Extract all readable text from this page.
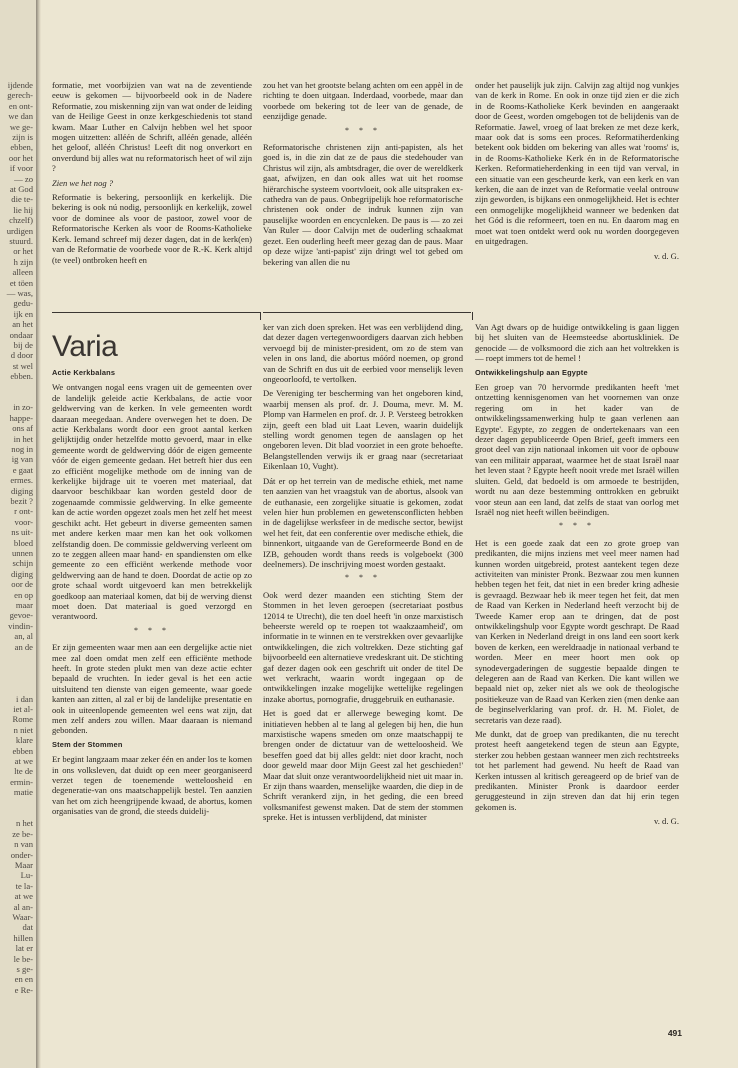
ijdende
gerech-
en ont-
we dan
we ge-
zijn is
ebben,
oor het
if voor
— zo
at God
die te-
lie hij
chzelf)
urdigen
stuurd.
or het
h zijn
alleen
et töen
— was,
gedu-
ijk en
an het
ondaar
bij de
d door
st wel
ebben.
in zo-
happe-
ons af
in het
nog in
ig van
e gaat
ermes.
diging
bezit ?
r ont-
voor-
ns uit-
bloed
unnen
schijn
diging
oor de
en op
maar
gevoe-
vindin-
an, al
an de
i dan
iet al-
Rome
n niet
klare
ebben
at we
lte de
ermin-
matie
n het
ze be-
n van
onder-
Maar
Lu-
te la-
at we
al an-
Waar-
dat
hillen
lat er
le be-
s ge-
en en
e Re-

formatie, met voorbijzien van wat na de zeventiende eeuw is gekomen — bijvoorbeeld ook in de Nadere Reformatie, zou miskenning zijn van wat onder de leiding van de Heilige Geest in onze kerkgeschiedenis tot stand kwam. Maar Luther en Calvijn hebben wel het spoor mogen uitzetten: alléén de Schrift, alléén genade, alléén het geloof, alléén Christus! Leeft dit nog onverkort en onverdund bij alles wat nu reformatorisch heet of wil zijn ?

Zien we het nog ?

Reformatie is bekering, persoonlijk en kerkelijk. Die bekering is ook nú nodig, persoonlijk en kerkelijk, zowel voor de dominee als voor de pastoor, zowel voor de Reformatorische Kerken als voor de Rooms-Katholieke Kerk. Iemand schreef mij dezer dagen, dat in de kerk(en) van de Reformatie de voorbede voor de R.-K. Kerk altijd (te veel) ontbroken heeft en

zou het van het grootste belang achten om een appèl in de richting te doen uitgaan. Inderdaad, voorbede, maar dan voorbede om bekering tot de leer van de genade, de eenzijdige genade.

* * *

Reformatorische christenen zijn anti-papisten, als het goed is, in die zin dat ze de paus die stedehouder van Christus wil zijn, als ambtsdrager, die over de wereldkerk gaat, afwijzen, en dan ook alles wat uit het roomse hiërarchische systeem voortvloeit, ook alle uitspraken ex-cathedra van de paus. Onbegrijpelijk hoe reformatorische christenen ook onder de indruk kunnen zijn van pauselijke woorden en encycnleken. De paus is — zo zei Van Ruler — door Calvijn met de ouderling schaakmat gezet. Een ouderling heeft meer gezag dan de paus. Maar op deze wijze 'anti-papist' zijn dringt wel tot gebed om bekering van allen die nu

onder het pauselijk juk zijn. Calvijn zag altijd nog vunkjes van de kerk in Rome. En ook in onze tijd zien er die zich in de Rooms-Katholieke Kerk bevinden en aangeraakt door de Geest, worden omgebogen tot de belijdenis van de Reformatie. Jawel, vroeg of laat breken ze met deze kerk, maar ook dat is soms een proces. Reformatiherdenking betekent ook bidden om bekering van alles wat 'rooms' is, in de Rooms-Katholieke Kerk én in de Reformatorische Kerken. Reformatieherdenking in een tijd van verval, in een situatie van een gescheurde kerk, van een kerk en van kerken, die aan de inzet van de Reformatie veelal ontrouw zijn geworden, is bijkans een onmogelijkheid. Het is echter een onmogelijke mogelijkheid wanneer we bedenken dat het Gód is die reformeert, toen en nu. En daarom mag en moet wat toen ontdekt werd ook nu worden doorgegeven en uitgedragen.

v. d. G.

Varia
Actie Kerkbalans

We ontvangen nogal eens vragen uit de gemeenten over de landelijk geleide actie Kerkbalans, de actie voor geldwerving van de kerken. In vele gemeenten wordt daaraan meegedaan. Andere overwegen het te doen. De actie Kerkbalans wordt door een groot aantal kerken gelijktijdig onder hetzelfde motto gevoerd, maar in elke gemeente wordt de geldwerving dóór de eigen gemeente vóór de eigen gemeente gedaan. Het betreft hier dus een zo efficiënt mogelijke methode om de inning van de kerkelijke bijdrage uit te voeren met materiaal, dat daarvoor beschikbaar kan worden gesteld door de zogenaamde commissie geldwerving. In elke gemeente kan de actie worden opgezet zoals men het zelf het meest geschikt acht. Het gebeurt in diverse gemeenten samen met andere kerken maar men kan het ook volkomen zelfstandig doen. De commissie geldwerving verleent om zo te zeggen alleen maar hand- en spandiensten om elke gemeente zo een efficiënt werkende methode voor geldwerving aan de hand te doen. Doordat de actie op zo grote schaal wordt uitgevoerd kan men betrekkelijk goedkoop aan materiaal komen, dat bij de werving dienst moet doen. Dat materiaal is goed verzorgd en verantwoord.

* * *

Er zijn gemeenten waar men aan een dergelijke actie niet mee zal doen omdat men zelf een efficiënte methode heeft. In grote steden plukt men van deze actie echter bepaald de vruchten. In ieder geval is het een actie uitsluitend ten dienste van eigen gemeente, waar goede kanten aan zitten, al zal er bij de landelijke presentatie en ook in uiteenlopende gemeenten wel eens wat zijn, dat men zelf anders zou willen. Maar daaraan is niemand gebonden.

Stem der Stommen

Er begint langzaam maar zeker één en ander los te komen in ons volksleven, dat duidt op een meer georganiseerd verzet tegen de toenemende wetteloosheid en degeneratie-van ons maatschappelijk bestel. Ten aanzien van het om zich heengrijpende kwaad, de abortus, komen organisaties van de grond, die steeds duidelij-

ker van zich doen spreken. Het was een verblijdend ding, dat dezer dagen vertegenwoordigers daarvan zich hebben vervoegd bij de minister-president, om zo de stem van velen in ons land, die abortus móórd noemen, op grond van de Schrift en dus uit de eerbied voor menselijk leven ongeoorloofd, te vertolken.

De Vereniging ter bescherming van het ongeboren kind, waarbij mensen als prof. dr. J. Douma, mevr. M. M. Plomp van Harmelen en prof. dr. J. P. Versteeg betrokken zijn, geeft een blad uit Laat Leven, waarin duidelijk stelling wordt genomen tegen de aanslagen op het ongeboren leven. Dit blad voorziet in een grote behoefte. Belangstellenden verwijs ik er graag naar (secretariaat Eikenlaan 10, Vught).

Dát er op het terrein van de medische ethiek, met name ten aanzien van het vraagstuk van de abortus, alsook van de euthanasie, een zorgelijke situatie is gekomen, zodat velen hier hun problemen en gewetensconflicten hebben in de dagelijkse werksfeer in de medische sector, bewijst wel het feit, dat een conferentie over medische ethiek, die binnenkort, uitgaande van de Gereformeerde Bond en de IZB, gehouden wordt thans reeds is volgeboekt (300 deelnemers). De inschrijving moest worden gestaakt.

* * *

Ook werd dezer maanden een stichting Stem der Stommen in het leven geroepen (secretariaat postbus 12014 te Utrecht), die ten doel heeft 'in onze marxistisch beheerste wereld op te roepen tot waakzaamheid', om informatie in te winnen en te verstrekken over gevaarlijke ontwikkelingen, die zich voltrekken. Deze stichting gaf bijvoorbeeld een alternatieve vredeskrant uit. De stichting gaf dezer dagen ook een geschrift uit onder de titel De wet verkracht, waarin wordt ingegaan op de ontwikkelingen inzake mogelijke wettelijke regelingen inzake abortus, pornografie, druggebruik en euthanasie.

Het is goed dat er allerwege beweging komt. De initiatieven hebben al te lang al gelegen bij hen, die hun marxistische wapens smeden om onze maatschappij te brengen onder de dictatuur van de wetteloosheid. We beseffen goed dat bij alles geldt: niet door kracht, noch door geweld maar door Mijn Geest zal het geschieden!' Maar dat sluit onze verantwoordelijkheid niet uit maar in. Er zijn thans waarden, menselijke waarden, die diep in de Schrift verankerd zijn, in het geding, die een breed volksmanifest gewenst maken. Dat de stem der stommen spreke. Het is intussen verblijdend, dat minister

Van Agt dwars op de huidige ontwikkeling is gaan liggen bij het sluiten van de Heemsteedse abortuskliniek. De genocide — de volksmoord die zich aan het voltrekken is — roept immers tot de hemel !

Ontwikkelingshulp aan Egypte

Een groep van 70 hervormde predikanten heeft 'met ontzetting kennisgenomen van het voornemen van onze regering om in het kader van de ontwikkelingssamenwerking hulp te gaan verlenen aan Egypte'. Egypte, zo zeggen de ondertekenaars van een dezer dagen gepubliceerde Open Brief, geeft immers een groot deel van zijn nationaal inkomen uit voor de opbouw van een militair apparaat, waarmee het de staat Israël naar het leven staat ? Egypte heeft nooit vrede met Israël willen sluiten. Geld, dat bedoeld is om armoede te bestrijden, wordt nu aan deze bestemming onttrokken en gebruikt voor steun aan een land, dat zelfs de staat van oorlog met Israël nog niet heeft willen beëindigen.

* * *

Het is een goede zaak dat een zo grote groep van predikanten, die mijns inziens met veel meer namen had kunnen worden uitgebreid, protest aantekent tegen deze activiteiten van minister Pronk. Bezwaar zou men kunnen hebben tegen het feit, dat niet in een breder kring adhesie is gevraagd. Bezwaar heb ik meer tegen het feit, dat men de Raad van Kerken in Nederland heeft verzocht bij de Tweede Kamer erop aan te dringen, dat de post ontwikkelingshulp voor Egypte wordt geschrapt. De Raad van Kerken in Nederland dreigt in ons land een soort kerk boven de kerken, een wereldraadje in nationaal verband te worden. Meer en meer hoort men ook op synodevergaderingen de suggestie bepaalde dingen te delegeren aan de Raad van Kerken. Die kant willen we bepaald niet op, zeker niet als we ook de theologische positiekeuze van de Raad van Kerken zien (men denke aan de beginselverklaring van prof. dr. H. M. Fiolet, de secretaris van deze raad).

Me dunkt, dat de groep van predikanten, die nu terecht protest heeft aangetekend tegen de steun aan Egypte, sterker zou hebben gestaan wanneer men zich rechtstreeks tot het parlement had gewend. Nu heeft de Raad van Kerken intussen al kritisch gereageerd op de brief van de predikanten. Minister Pronk is daardoor eerder geruggesteund in zijn streven dan dat hij erin tegen gekomen is.

v. d. G.

491
